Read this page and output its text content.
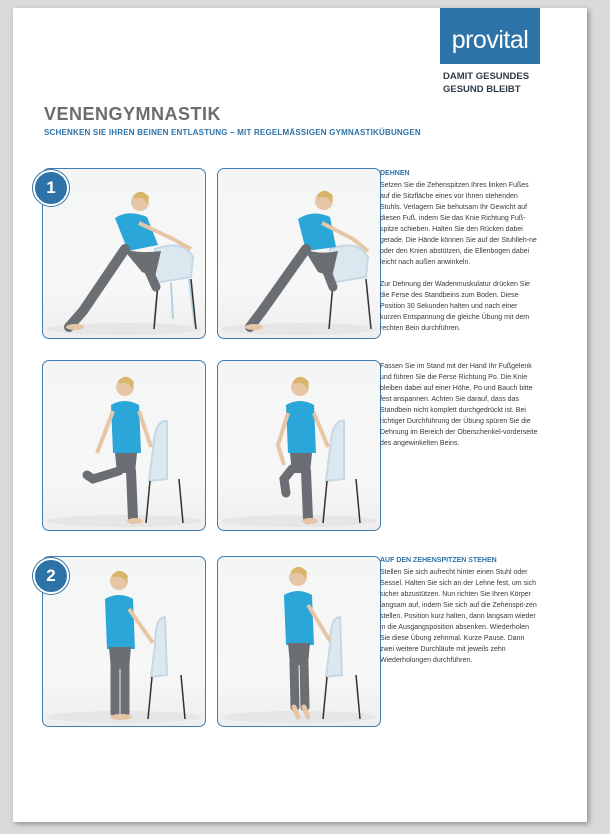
provital
DAMIT GESUNDES
GESUND BLEIBT
VENENGYMNASTIK
SCHENKEN SIE IHREN BEINEN ENTLASTUNG – MIT REGELMÄSSIGEN GYMNASTIKÜBUNGEN
1
2
DEHNEN

Setzen Sie die Zehenspitzen Ihres linken Fußes auf die Sitzfläche eines vor Ihnen stehenden Stuhls. Verlagern Sie behutsam Ihr Gewicht auf diesen Fuß, indem Sie das Knie Richtung Fuß-spitze schieben. Halten Sie den Rücken dabei gerade. Die Hände können Sie auf der Stuhlleh-ne oder den Knien abstützen, die Ellenbogen dabei leicht nach außen anwinkeln.

Zur Dehnung der Wadenmuskulatur drücken Sie die Ferse des Standbeins zum Boden. Diese Position 30 Sekunden halten und nach einer kurzen Entspannung die gleiche Übung mit dem rechten Bein durchführen.

Fassen Sie im Stand mit der Hand Ihr Fußgelenk und führen Sie die Ferse Richtung Po. Die Knie bleiben dabei auf einer Höhe, Po und Bauch bitte fest anspannen. Achten Sie darauf, dass das Standbein nicht komplett durchgedrückt ist. Bei richtiger Durchführung der Übung spüren Sie die Dehnung im Bereich der Oberschenkel-vorderseite des angewinkelten Beins.

AUF DEN ZEHENSPITZEN STEHEN

Stellen Sie sich aufrecht hinter einen Stuhl oder Sessel. Halten Sie sich an der Lehne fest, um sich sicher abzustützen. Nun richten Sie Ihren Körper langsam auf, indem Sie sich auf die Zehenspit-zen stellen. Position kurz halten, dann langsam wieder in die Ausgangsposition absenken. Wiederholen Sie diese Übung zehnmal. Kurze Pause. Dann zwei weitere Durchläufe mit jeweils zehn Wiederholungen durchführen.
